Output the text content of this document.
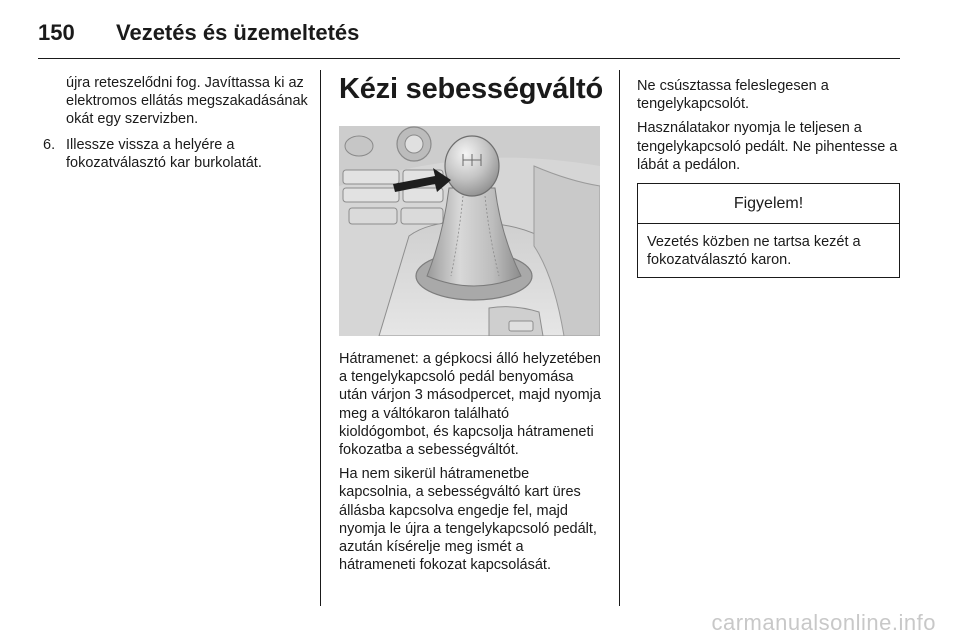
150 Vezetés és üzemeltetés

újra reteszelődni fog. Javíttassa ki az elektromos ellátás megszakadásának okát egy szervizben.

6. Illessze vissza a helyére a fokozatválasztó kar burkolatát.
Kézi sebességváltó

Hátramenet: a gépkocsi álló helyzetében a tengelykapcsoló pedál benyomása után várjon 3 másodpercet, majd nyomja meg a váltókaron található kioldógombot, és kapcsolja hátrameneti fokozatba a sebességváltót.

Ha nem sikerül hátramenetbe kapcsolnia, a sebességváltó kart üres állásba kapcsolva engedje fel, majd nyomja le újra a tengelykapcsoló pedált, azután kísérelje meg ismét a hátrameneti fokozat kapcsolását.

Ne csúsztassa feleslegesen a tengelykapcsolót.

Használatakor nyomja le teljesen a tengelykapcsoló pedált. Ne pihentesse a lábát a pedálon.

Figyelem!
Vezetés közben ne tartsa kezét a fokozatválasztó karon.
carmanualsonline.info
